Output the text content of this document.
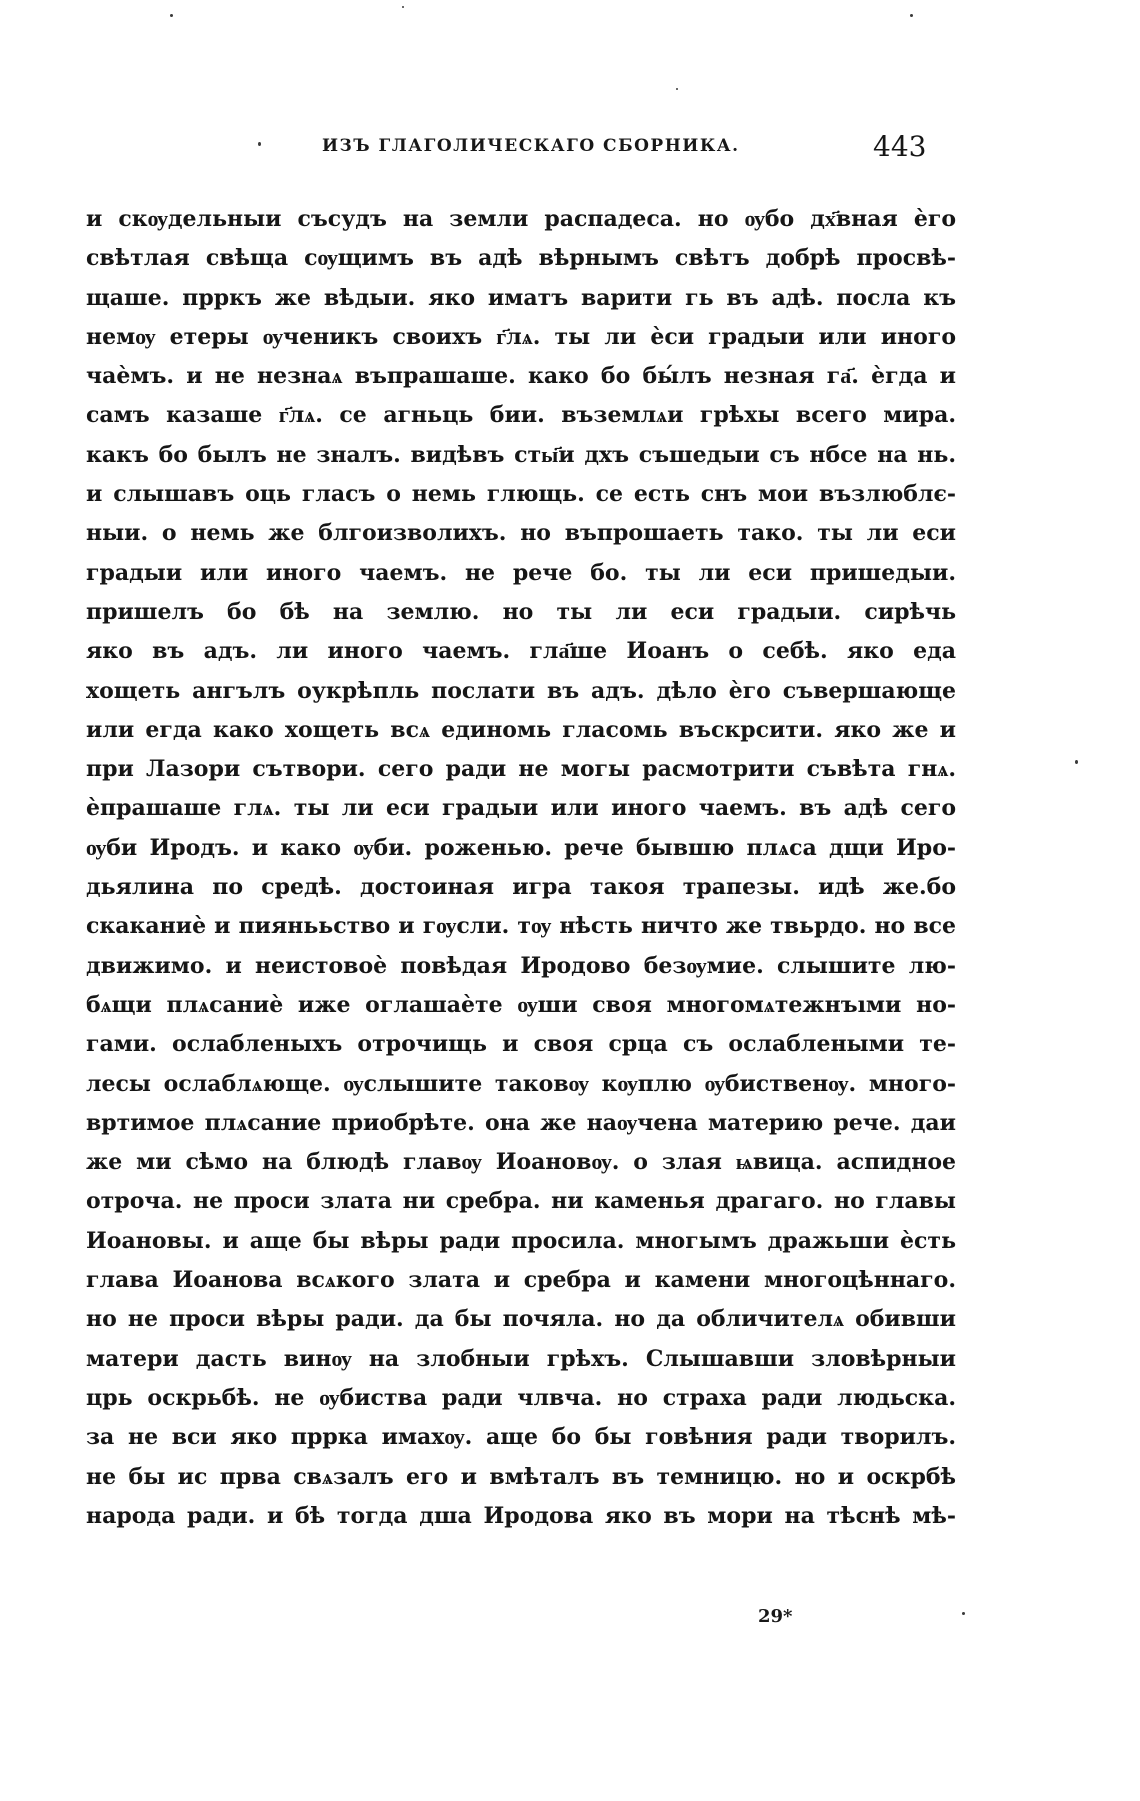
ИЗЪ ГЛАГОЛИЧЕСКАГО СБОРНИКА.	443
и скѹдельныи съсудъ на земли распадеса. но ѹбо дх҃вная ѐго
свѣтлая свѣща сѹщимъ въ адѣ вѣрнымъ свѣтъ добрѣ просвѣ-
щаше. прркъ же вѣдыи. яко иматъ варити гь въ адѣ. посла къ
немѹ етеры ѹченикъ своихъ г҃лѧ. ты ли ѐси градыи или иного
чаѐмъ. и не незнаѧ въпрашаше. како бо бы́лъ незная га҃. ѐгда и
самъ казаше г҃лѧ. се агньць бии. въземлѧи грѣхы всего мира.
какъ бо былъ не зналъ. видѣвъ сты҃и дхъ съшедыи съ нбсе на нь.
и слышавъ оць гласъ о немь глющь. се есть снъ мои възлюблє-
ныи. о немь же блгоизволихъ. но въпрошаеть тако. ты ли еси
градыи или иного чаемъ. не рече бо. ты ли еси пришедыи.
пришелъ бо бѣ на землю. но ты ли еси градыи. сирѣчь
яко въ адъ. ли иного чаемъ. гла҃ше Иоанъ о себѣ. яко еда
хощеть ангълъ оукрѣпль послати въ адъ. дѣло ѐго съвершающе
или егда како хощеть всѧ единомь гласомь въскрсити. яко же и
при Лазори сътвори. сего ради не могы расмотрити съвѣта гнѧ.
ѐпрашаше глѧ. ты ли еси градыи или иного чаемъ. въ адѣ сего
ѹби Иродъ. и како ѹби. роженью. рече бывшю плѧса дщи Иро-
дьялина по средѣ. достоиная игра такоя трапезы. идѣ же.бо
скаканиѐ и пиянььство и гѹсли. тѹ нѣсть ничто же твьрдо. но все
движимо. и неистовоѐ повѣдая Иродово безѹмие. слышите лю-
бѧщи плѧсаниѐ иже оглашаѐте ѹши своя многомѧтежнъıми но-
гами. ослабленыхъ отрочищь и своя срца съ ослаблеными те-
лесы ослаблѧюще. ѹслышите таковѹ кѹплю ѹбиственѹ. много-
вртимое плѧсание приобрѣте. она же наѹчена материю рече. даи
же ми сѣмо на блюдѣ главѹ Иоановѹ. о злая ѩвица. аспидное
отроча. не проси злата ни сребра. ни каменья драгаго. но главы
Иоановы. и аще бы вѣры ради просила. многымъ дражьши ѐсть
глава Иоанова всѧкого злата и сребра и камени многоцѣннаго.
но не проси вѣры ради. да бы почяла. но да обличителѧ обивши
матери дасть винѹ на злобныи грѣхъ. Слышавши зловѣрныи
црь оскрьбѣ. не ѹбиства ради члвча. но страха ради людьска.
за не вси яко пррка имахѹ. аще бо бы говѣния ради творилъ.
не бы ис прва свѧзалъ его и вмѣталъ въ темницю. но и оскрбѣ
народа ради. и бѣ тогда дша Иродова яко въ мори на тѣснѣ мѣ-
29*
